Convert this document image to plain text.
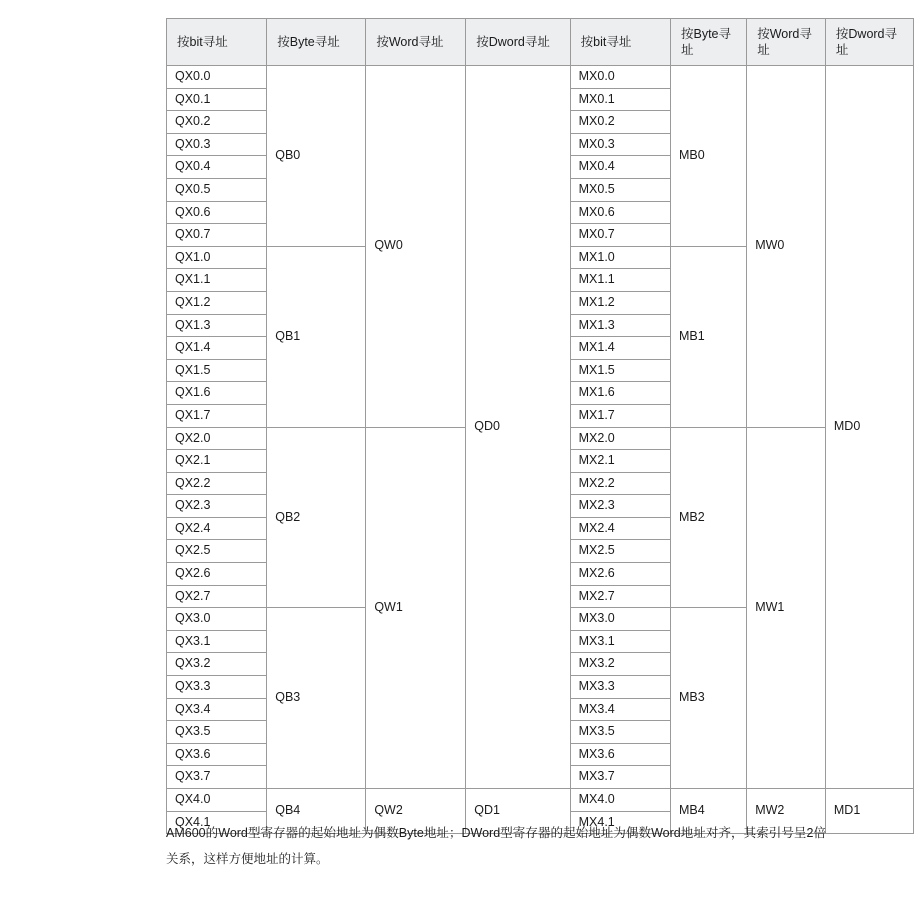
按bit寻址	按Byte寻址	按Word寻址	按Dword寻址	按bit寻址	按Byte寻址	按Word寻址	按Dword寻址
QX0.0	QB0	QW0	QD0	MX0.0	MB0	MW0	MD0
QX0.1				MX0.1			
QX0.2				MX0.2			
QX0.3				MX0.3			
QX0.4				MX0.4			
QX0.5				MX0.5			
QX0.6				MX0.6			
QX0.7				MX0.7			
QX1.0	QB1			MX1.0	MB1		
QX1.1				MX1.1			
QX1.2				MX1.2			
QX1.3				MX1.3			
QX1.4				MX1.4			
QX1.5				MX1.5			
QX1.6				MX1.6			
QX1.7				MX1.7			
QX2.0	QB2	QW1		MX2.0	MB2	MW1	
QX2.1				MX2.1			
QX2.2				MX2.2			
QX2.3				MX2.3			
QX2.4				MX2.4			
QX2.5				MX2.5			
QX2.6				MX2.6			
QX2.7				MX2.7			
QX3.0	QB3			MX3.0	MB3		
QX3.1				MX3.1			
QX3.2				MX3.2			
QX3.3				MX3.3			
QX3.4				MX3.4			
QX3.5				MX3.5			
QX3.6				MX3.6			
QX3.7				MX3.7			
QX4.0	QB4	QW2	QD1	MX4.0	MB4	MW2	MD1
QX4.1				MX4.1			
AM600的Word型寄存器的起始地址为偶数Byte地址；DWord型寄存器的起始地址为偶数Word地址对齐，其索引号呈2倍关系，这样方便地址的计算。
